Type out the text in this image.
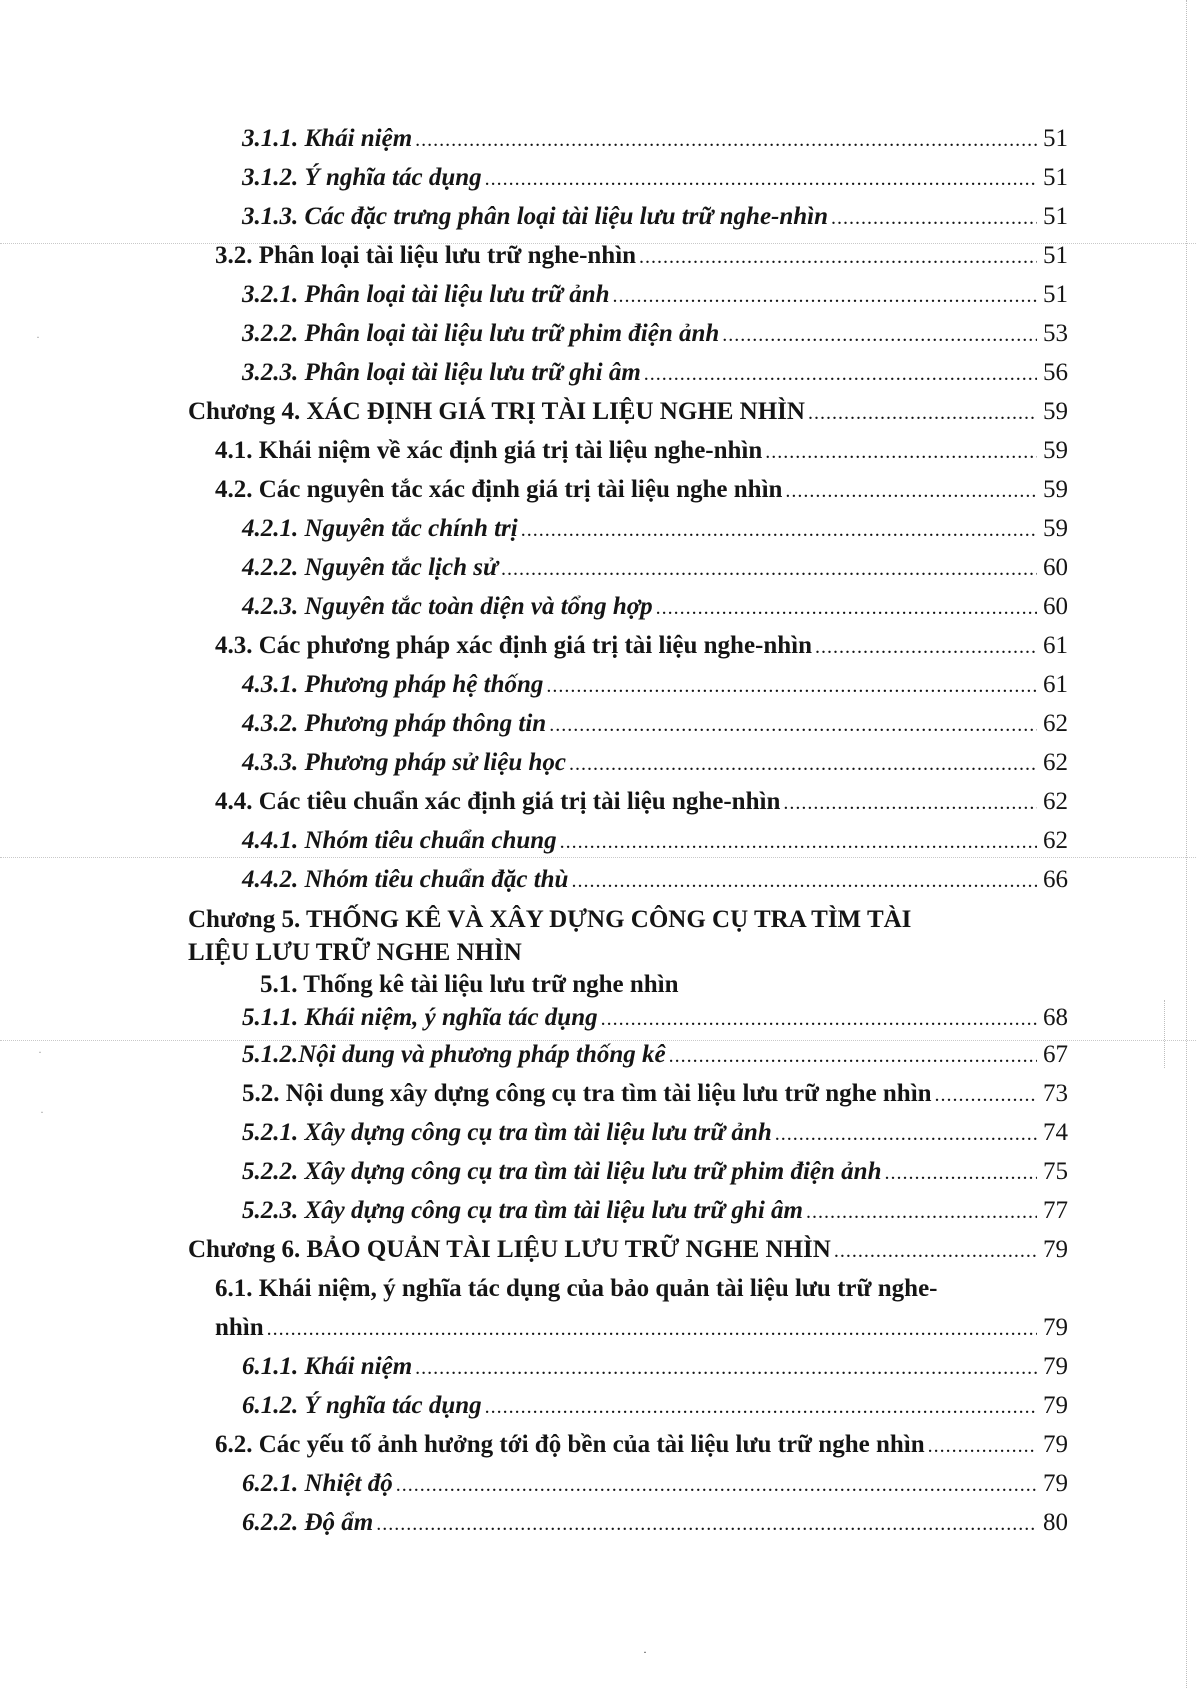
·
·
·
·
3.1.1. Khái niệm .....	51
3.1.2. Ý nghĩa tác dụng .....	51
3.1.3. Các đặc trưng phân loại tài liệu lưu trữ nghe-nhìn .....	51
3.2. Phân loại tài liệu lưu trữ nghe-nhìn .....	51
3.2.1. Phân loại tài liệu lưu trữ ảnh .....	51
3.2.2. Phân loại tài liệu lưu trữ phim điện ảnh .....	53
3.2.3. Phân loại tài liệu lưu trữ ghi âm .....	56
Chương 4. XÁC ĐỊNH GIÁ TRỊ TÀI LIỆU NGHE NHÌN .....	59
4.1. Khái niệm về xác định giá trị tài liệu nghe-nhìn .....	59
4.2. Các nguyên tắc xác định giá trị tài liệu nghe nhìn .....	59
4.2.1. Nguyên tắc chính trị .....	59
4.2.2. Nguyên tắc lịch sử .....	60
4.2.3. Nguyên tắc toàn diện và tổng hợp .....	60
4.3. Các phương pháp xác định giá trị tài liệu nghe-nhìn .....	61
4.3.1. Phương pháp hệ thống .....	61
4.3.2. Phương pháp thông tin .....	62
4.3.3. Phương pháp sử liệu học .....	62
4.4. Các tiêu chuẩn xác định giá trị tài liệu nghe-nhìn .....	62
4.4.1. Nhóm tiêu chuẩn chung .....	62
4.4.2. Nhóm tiêu chuẩn đặc thù .....	66
Chương 5. THỐNG KÊ VÀ XÂY DỰNG CÔNG CỤ TRA TÌM TÀI
LIỆU LƯU TRỮ NGHE NHÌN
5.1. Thống kê tài liệu lưu trữ nghe nhìn
5.1.1. Khái niệm, ý nghĩa tác dụng .....	68
5.1.2.Nội dung và phương pháp thống kê .....	67
5.2. Nội dung xây dựng công cụ tra tìm tài liệu lưu trữ nghe nhìn .....	73
5.2.1. Xây dựng công cụ tra tìm tài liệu lưu trữ ảnh .....	74
5.2.2. Xây dựng công cụ tra tìm tài liệu lưu trữ phim điện ảnh .....	75
5.2.3. Xây dựng công cụ tra tìm tài liệu lưu trữ ghi âm .....	77
Chương 6. BẢO QUẢN TÀI LIỆU LƯU TRỮ NGHE NHÌN .....	79
6.1. Khái niệm, ý nghĩa tác dụng của bảo quản tài liệu lưu trữ nghe-
nhìn .....	79
6.1.1. Khái niệm .....	79
6.1.2. Ý nghĩa tác dụng .....	79
6.2. Các yếu tố ảnh hưởng tới độ bền của tài liệu lưu trữ nghe nhìn .....	79
6.2.1. Nhiệt độ .....	79
6.2.2. Độ ẩm .....	80
